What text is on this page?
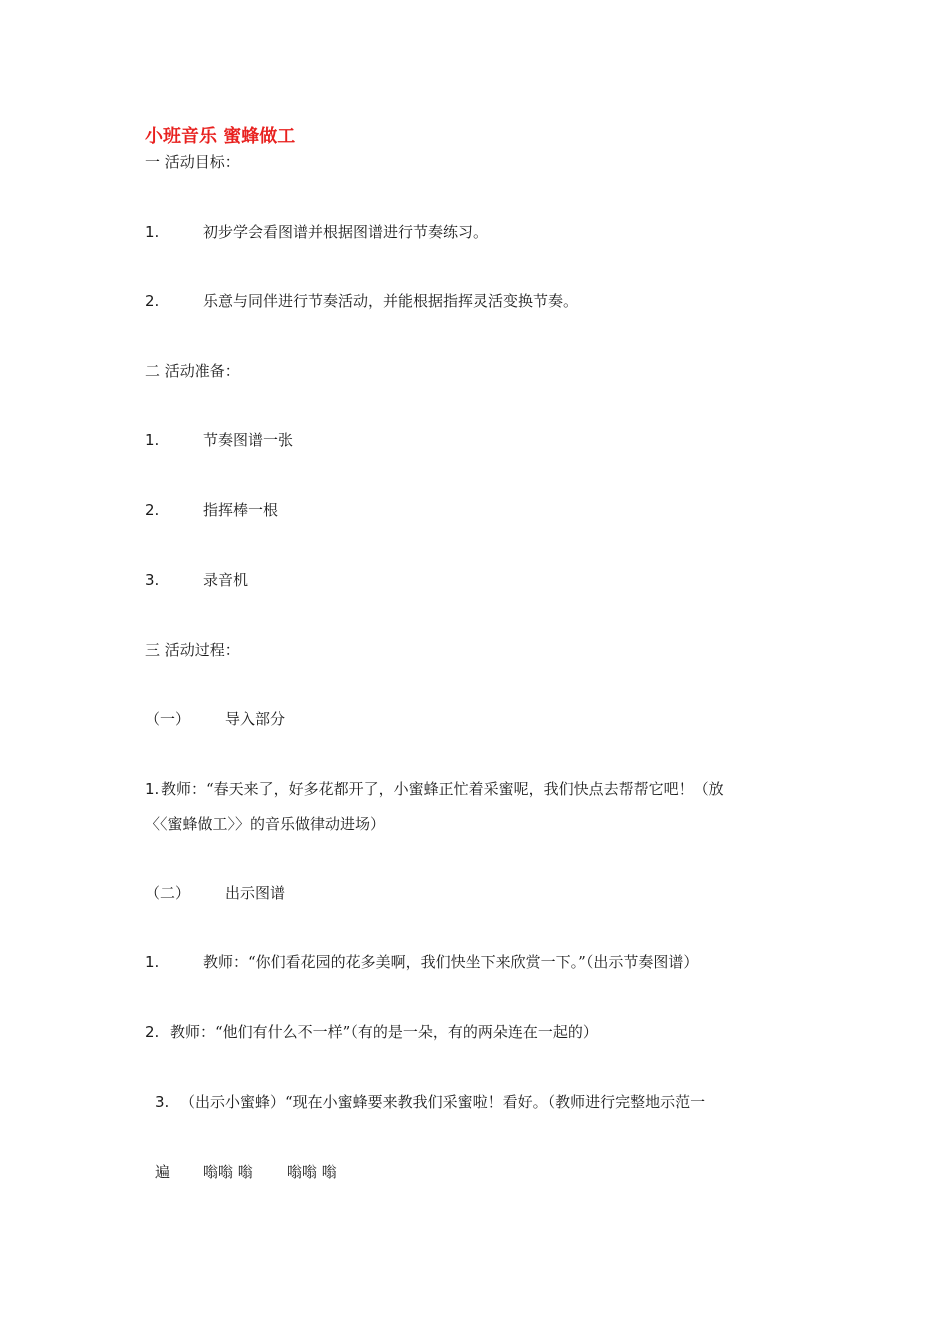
小班音乐 蜜蜂做工
一 活动目标：
1.	初步学会看图谱并根据图谱进行节奏练习。
2.	乐意与同伴进行节奏活动，并能根据指挥灵活变换节奏。
二 活动准备：
1.	节奏图谱一张
2.	指挥棒一根
3.	录音机
三 活动过程：
（一） 导入部分
1. 教师：“春天来了，好多花都开了，小蜜蜂正忙着采蜜呢，我们快点去帮帮它吧！（放
〈〈蜜蜂做工〉〉的音乐做律动进场）
（二） 出示图谱
1.	教师：“你们看花园的花多美啊，我们快坐下来欣赏一下。”（出示节奏图谱）
2. 教师：“他们有什么不一样”（有的是一朵，有的两朵连在一起的）
3. （出示小蜜蜂）“现在小蜜蜂要来教我们采蜜啦！看好。（教师进行完整地示范一
遍 嗡嗡 嗡 嗡嗡 嗡
